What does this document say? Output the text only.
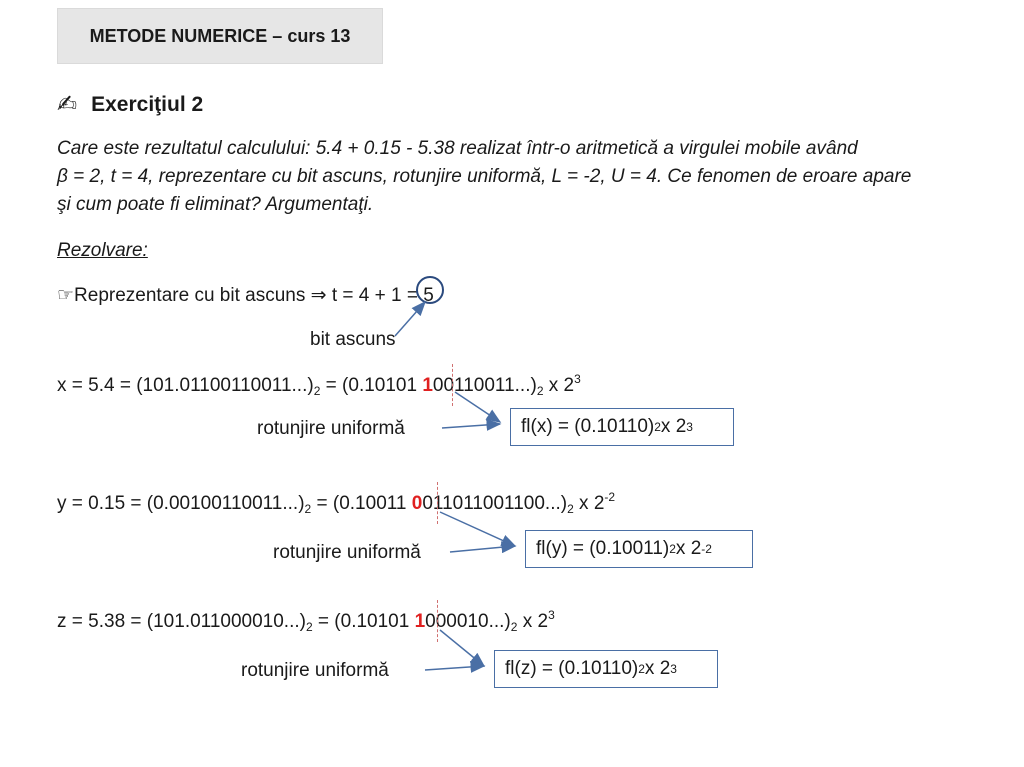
METODE NUMERICE – curs 13
✍ Exerciţiul 2
Care este rezultatul calculului: 5.4 + 0.15 - 5.38 realizat într-o aritmetică a virgulei mobile având
β = 2, t = 4, reprezentare cu bit ascuns, rotunjire uniformă, L = -2, U = 4. Ce fenomen de eroare apare
şi cum poate fi eliminat? Argumentaţi.
Rezolvare:
☞Reprezentare cu bit ascuns ⇒ t = 4 + 1 = 5
bit ascuns
$x = 5.4 = (101.01100110011...)_2 = (0.10101$ $100110011...)_2$ x $2^3$
rotunjire uniformă	fl(x) = (0.10110) 2 x 2 3
$y = 0.15 = (0.00100110011...)_2 = (0.10011$ $0011011001100...)_2$ x $2^{-2}$
rotunjire uniformă	fl(y) = (0.10011) 2 x 2 -2
$z = 5.38 = (101.011000010...)_2 = (0.10101$ $1000010...)_2$ x $2^3$
rotunjire uniformă	fl(z) = (0.10110) 2 x 2 3
